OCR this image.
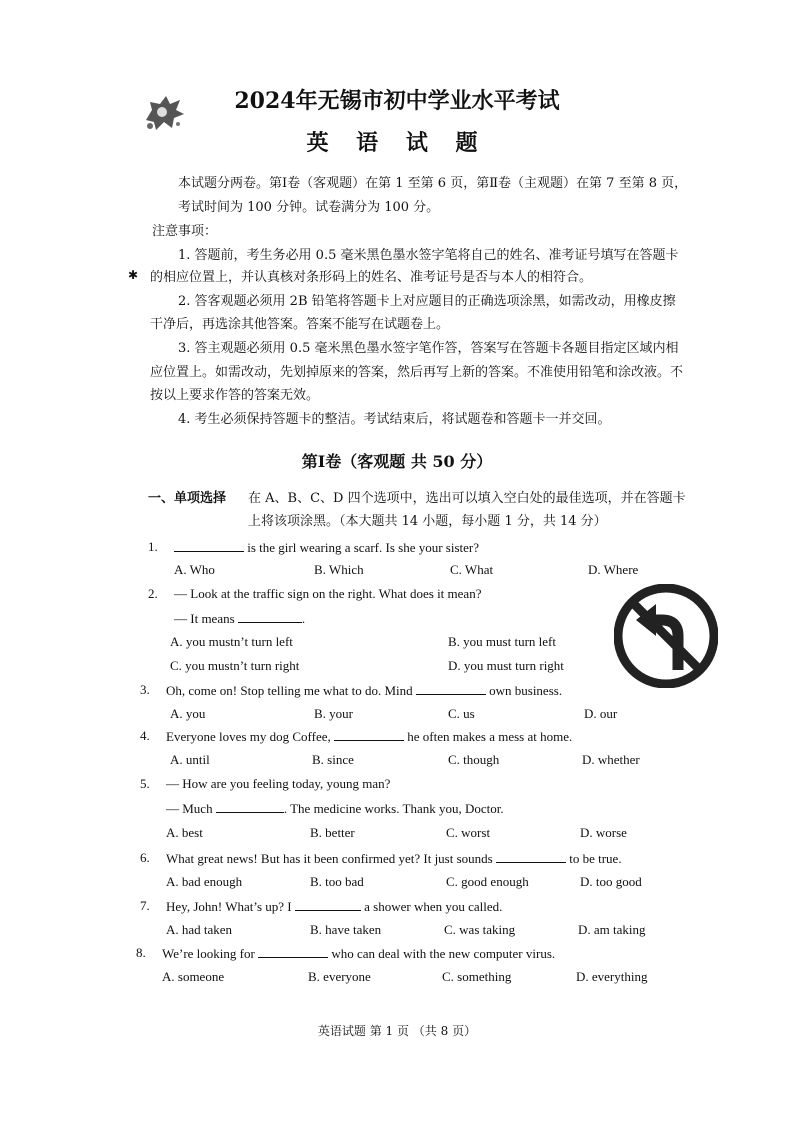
2024年无锡市初中学业水平考试
英 语 试 题
本试题分两卷。第Ⅰ卷（客观题）在第 1 至第 6 页，第Ⅱ卷（主观题）在第 7 至第 8 页，
考试时间为 100 分钟。试卷满分为 100 分。
注意事项：
1. 答题前，考生务必用 0.5 毫米黑色墨水签字笔将自己的姓名、准考证号填写在答题卡
✱ 的相应位置上，并认真核对条形码上的姓名、准考证号是否与本人的相符合。
2. 答客观题必须用 2B 铅笔将答题卡上对应题目的正确选项涂黑，如需改动，用橡皮擦
干净后，再选涂其他答案。答案不能写在试题卷上。
3. 答主观题必须用 0.5 毫米黑色墨水签字笔作答，答案写在答题卡各题目指定区域内相
应位置上。如需改动，先划掉原来的答案，然后再写上新的答案。不准使用铅笔和涂改液。不
按以上要求作答的答案无效。
4. 考生必须保持答题卡的整洁。考试结束后，将试题卷和答题卡一并交回。
第Ⅰ卷（客观题 共 50 分）
一、单项选择 在 A、B、C、D 四个选项中，选出可以填入空白处的最佳选项，并在答题卡
上将该项涂黑。（本大题共 14 小题，每小题 1 分，共 14 分）
1.	is the girl wearing a scarf. Is she your sister?
A. Who	B. Which	C. What	D. Where
2. — Look at the traffic sign on the right. What does it mean?
— It means	.
A. you mustn’t turn left	B. you must turn left
C. you mustn’t turn right	D. you must turn right
3. Oh, come on! Stop telling me what to do. Mind	own business.
A. you	B. your	C. us	D. our
4. Everyone loves my dog Coffee,	he often makes a mess at home.
A. until	B. since	C. though	D. whether
5. — How are you feeling today, young man?
— Much	. The medicine works. Thank you, Doctor.
A. best	B. better	C. worst	D. worse
6. What great news! But has it been confirmed yet? It just sounds	to be true.
A. bad enough	B. too bad	C. good enough	D. too good
7. Hey, John! What’s up? I	a shower when you called.
A. had taken	B. have taken	C. was taking	D. am taking
8. We’re looking for	who can deal with the new computer virus.
A. someone	B. everyone	C. something	D. everything
英语试题 第 1 页 （共 8 页）
